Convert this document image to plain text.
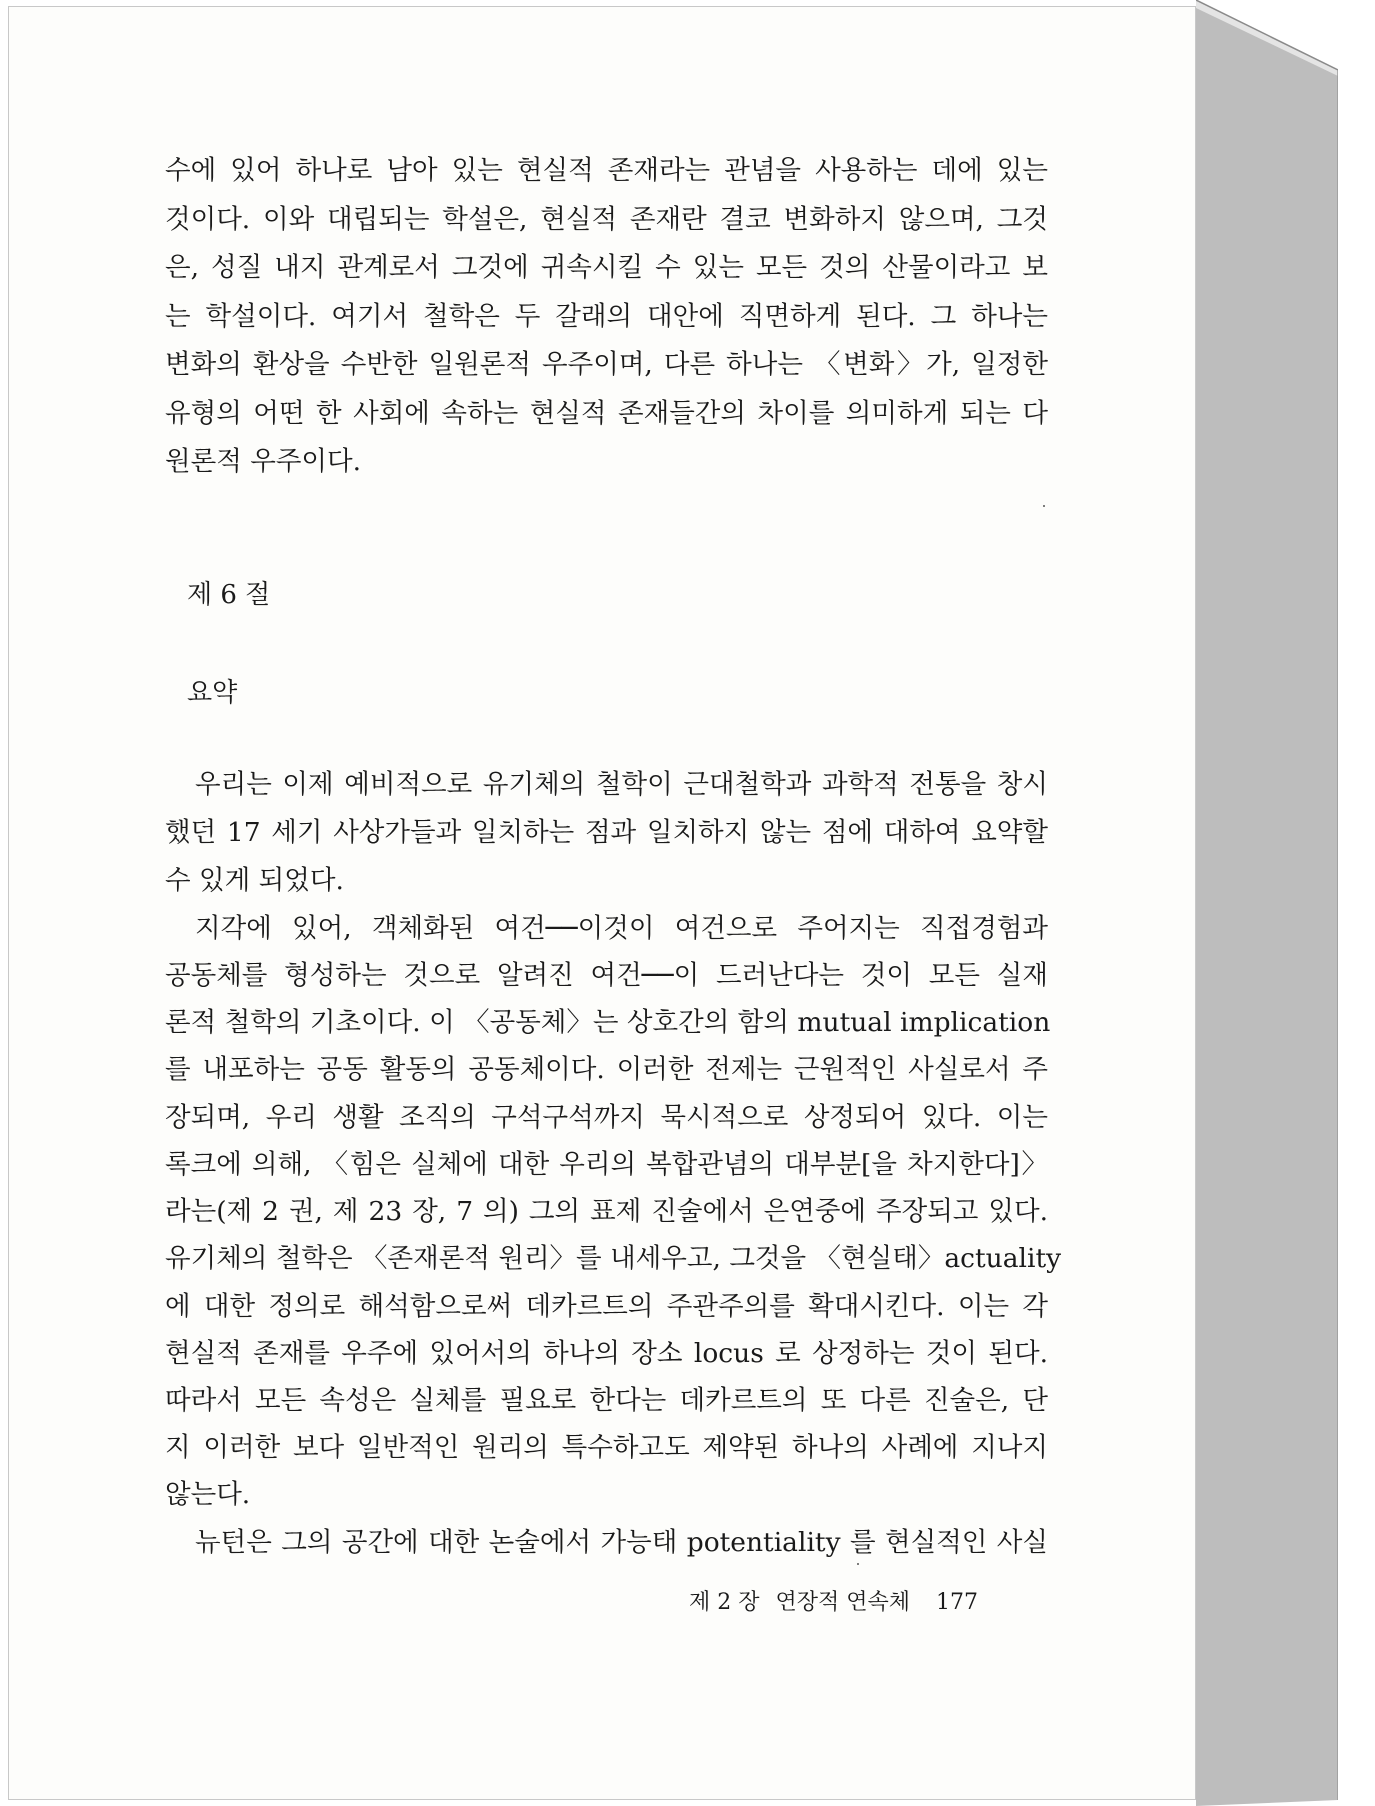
수에 있어 하나로 남아 있는 현실적 존재라는 관념을 사용하는 데에 있는

것이다. 이와 대립되는 학설은, 현실적 존재란 결코 변화하지 않으며, 그것

은, 성질 내지 관계로서 그것에 귀속시킬 수 있는 모든 것의 산물이라고 보

는 학설이다. 여기서 철학은 두 갈래의 대안에 직면하게 된다. 그 하나는

변화의 환상을 수반한 일원론적 우주이며, 다른 하나는 〈변화〉가, 일정한

유형의 어떤 한 사회에 속하는 현실적 존재들간의 차이를 의미하게 되는 다

원론적 우주이다.

제 6 절

요약

우리는 이제 예비적으로 유기체의 철학이 근대철학과 과학적 전통을 창시

했던 17 세기 사상가들과 일치하는 점과 일치하지 않는 점에 대하여 요약할

수 있게 되었다.

지각에 있어, 객체화된 여건──이것이 여건으로 주어지는 직접경험과

공동체를 형성하는 것으로 알려진 여건──이 드러난다는 것이 모든 실재

론적 철학의 기초이다. 이 〈공동체〉는 상호간의 함의 mutual implication

를 내포하는 공동 활동의 공동체이다. 이러한 전제는 근원적인 사실로서 주

장되며, 우리 생활 조직의 구석구석까지 묵시적으로 상정되어 있다. 이는

록크에 의해, 〈힘은 실체에 대한 우리의 복합관념의 대부분[을 차지한다]〉

라는(제 2 권, 제 23 장, 7 의) 그의 표제 진술에서 은연중에 주장되고 있다.

유기체의 철학은 〈존재론적 원리〉를 내세우고, 그것을 〈현실태〉actuality

에 대한 정의로 해석함으로써 데카르트의 주관주의를 확대시킨다. 이는 각

현실적 존재를 우주에 있어서의 하나의 장소 locus 로 상정하는 것이 된다.

따라서 모든 속성은 실체를 필요로 한다는 데카르트의 또 다른 진술은, 단

지 이러한 보다 일반적인 원리의 특수하고도 제약된 하나의 사례에 지나지

않는다.

뉴턴은 그의 공간에 대한 논술에서 가능태 potentiality 를 현실적인 사실

제 2 장 연장적 연속체 177
